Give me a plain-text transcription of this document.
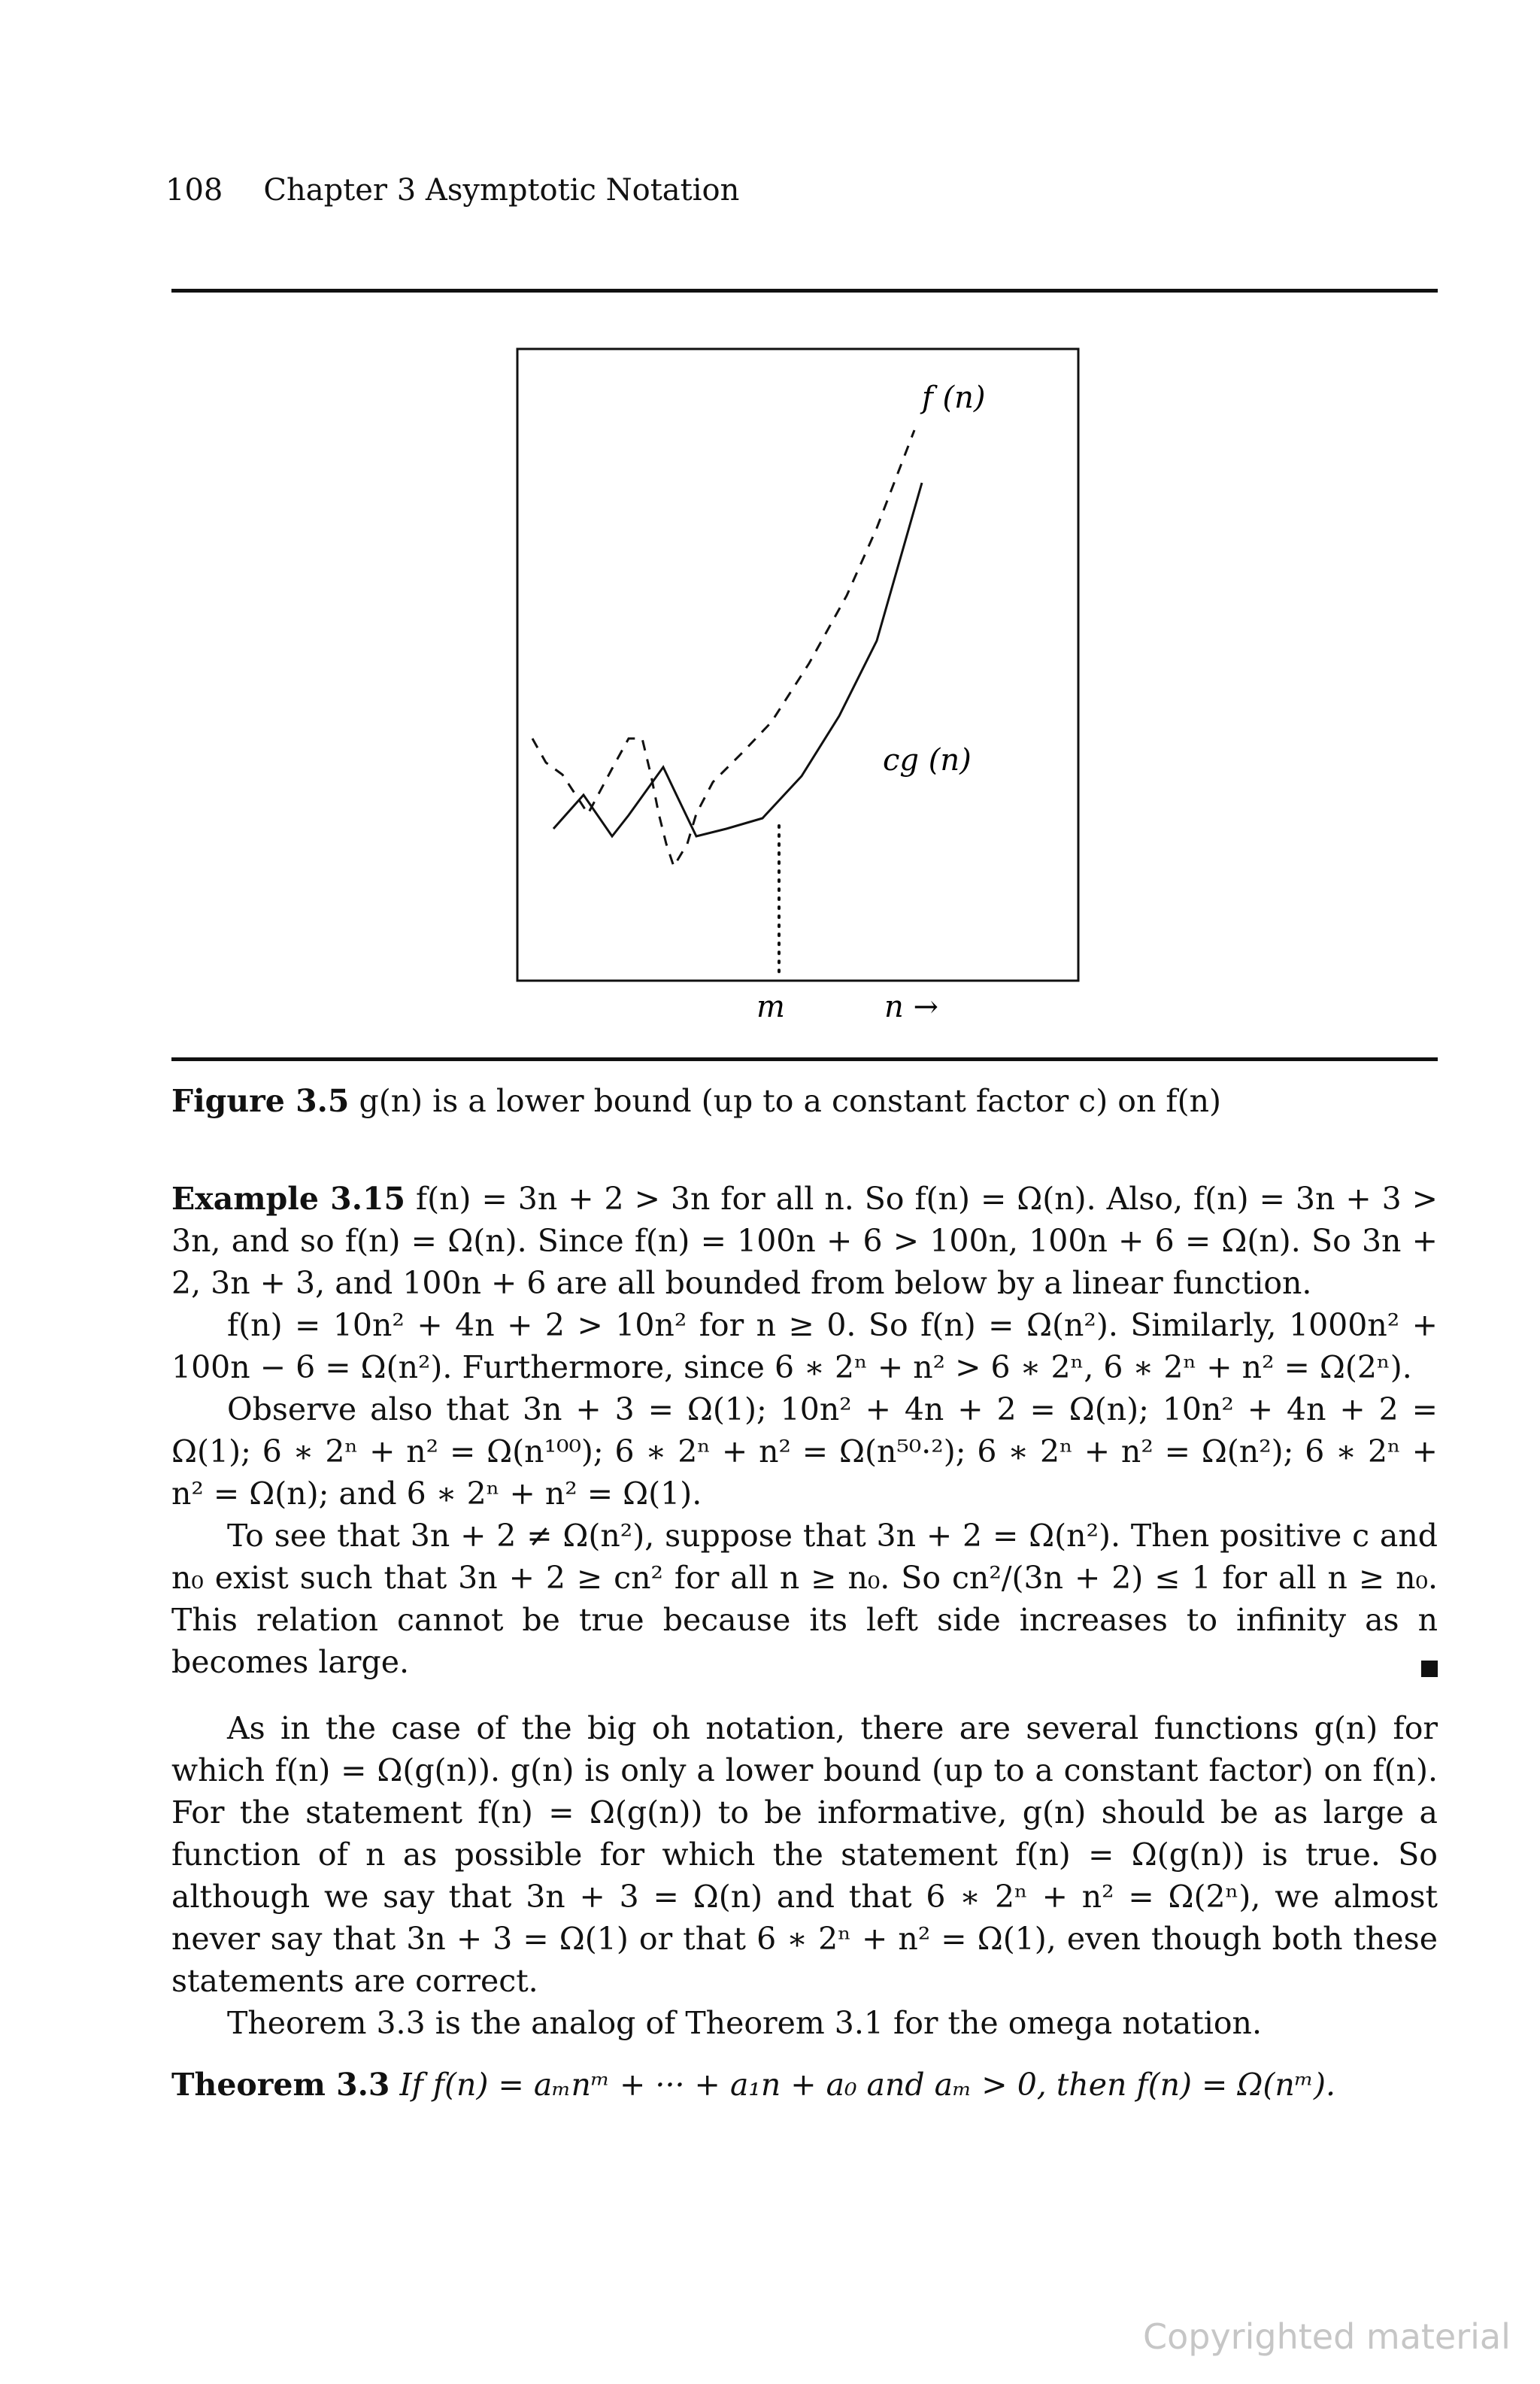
108 Chapter 3 Asymptotic Notation
f (n)
cg (n)
m	n →
Figure 3.5 g(n) is a lower bound (up to a constant factor c) on f(n)

Example 3.15 f(n) = 3n + 2 > 3n for all n. So f(n) = Ω(n). Also, f(n) = 3n + 3 > 3n, and so f(n) = Ω(n). Since f(n) = 100n + 6 > 100n, 100n + 6 = Ω(n). So 3n + 2, 3n + 3, and 100n + 6 are all bounded from below by a linear function.

f(n) = 10n² + 4n + 2 > 10n² for n ≥ 0. So f(n) = Ω(n²). Similarly, 1000n² + 100n − 6 = Ω(n²). Furthermore, since 6 ∗ 2ⁿ + n² > 6 ∗ 2ⁿ, 6 ∗ 2ⁿ + n² = Ω(2ⁿ).

Observe also that 3n + 3 = Ω(1); 10n² + 4n + 2 = Ω(n); 10n² + 4n + 2 = Ω(1); 6 ∗ 2ⁿ + n² = Ω(n¹⁰⁰); 6 ∗ 2ⁿ + n² = Ω(n⁵⁰·²); 6 ∗ 2ⁿ + n² = Ω(n²); 6 ∗ 2ⁿ + n² = Ω(n); and 6 ∗ 2ⁿ + n² = Ω(1).

To see that 3n + 2 ≠ Ω(n²), suppose that 3n + 2 = Ω(n²). Then positive c and n₀ exist such that 3n + 2 ≥ cn² for all n ≥ n₀. So cn²/(3n + 2) ≤ 1 for all n ≥ n₀. This relation cannot be true because its left side increases to infinity as n becomes large.

As in the case of the big oh notation, there are several functions g(n) for which f(n) = Ω(g(n)). g(n) is only a lower bound (up to a constant factor) on f(n). For the statement f(n) = Ω(g(n)) to be informative, g(n) should be as large a function of n as possible for which the statement f(n) = Ω(g(n)) is true. So although we say that 3n + 3 = Ω(n) and that 6 ∗ 2ⁿ + n² = Ω(2ⁿ), we almost never say that 3n + 3 = Ω(1) or that 6 ∗ 2ⁿ + n² = Ω(1), even though both these statements are correct.

Theorem 3.3 is the analog of Theorem 3.1 for the omega notation.

Theorem 3.3 If f(n) = aₘnᵐ + ··· + a₁n + a₀ and aₘ > 0, then f(n) = Ω(nᵐ).

Copyrighted material
